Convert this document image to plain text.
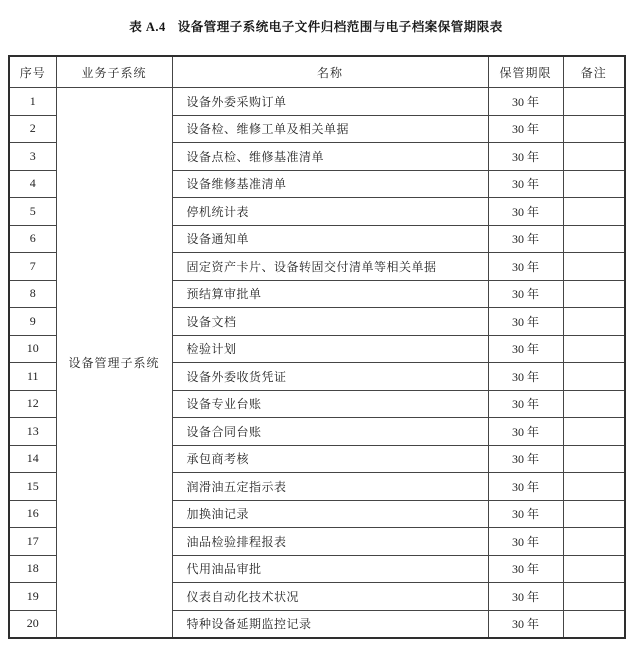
表 A.4 设备管理子系统电子文件归档范围与电子档案保管期限表
序号	业务子系统	名称	保管期限	备注
1	设备管理子系统	设备外委采购订单	30 年	
2		设备检、维修工单及相关单据	30 年	
3		设备点检、维修基准清单	30 年	
4		设备维修基准清单	30 年	
5		停机统计表	30 年	
6		设备通知单	30 年	
7		固定资产卡片、设备转固交付清单等相关单据	30 年	
8		预结算审批单	30 年	
9		设备文档	30 年	
10		检验计划	30 年	
11		设备外委收货凭证	30 年	
12		设备专业台账	30 年	
13		设备合同台账	30 年	
14		承包商考核	30 年	
15		润滑油五定指示表	30 年	
16		加换油记录	30 年	
17		油品检验排程报表	30 年	
18		代用油品审批	30 年	
19		仪表自动化技术状况	30 年	
20		特种设备延期监控记录	30 年	
